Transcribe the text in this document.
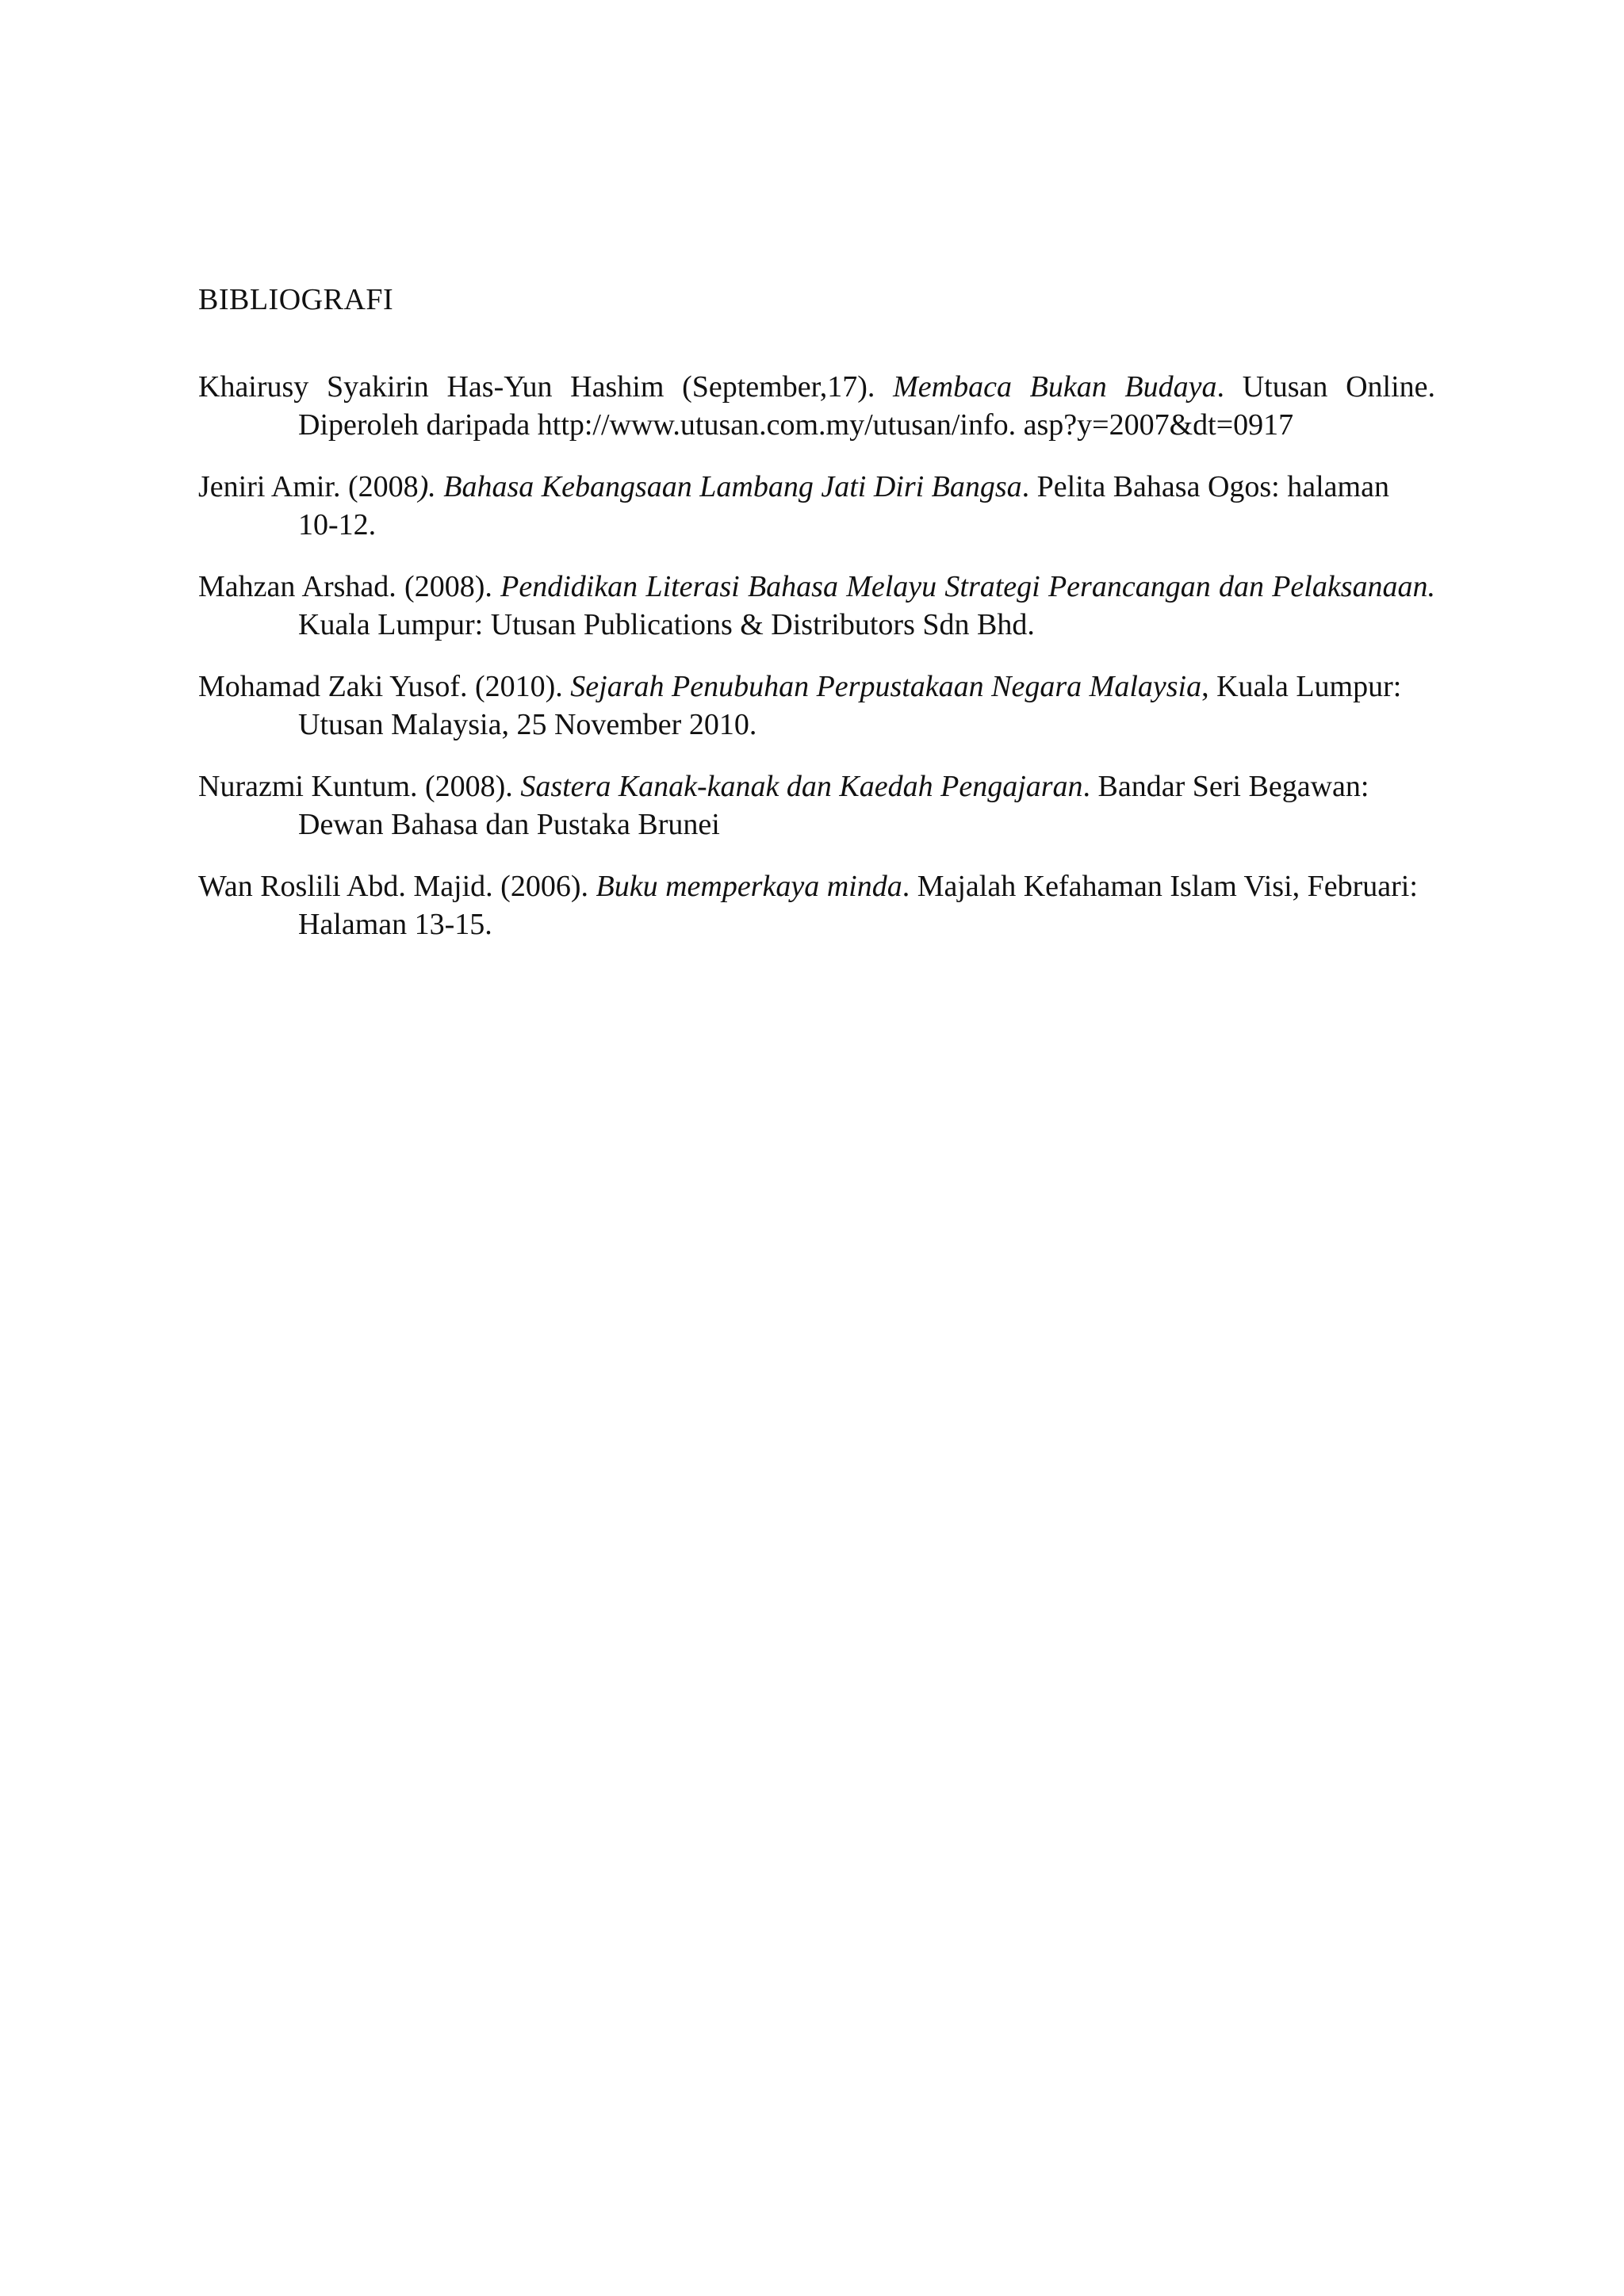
BIBLIOGRAFI

Khairusy Syakirin Has-Yun Hashim (September,17). Membaca Bukan Budaya. Utusan Online. Diperoleh daripada http://www.utusan.com.my/utusan/info. asp?y=2007&dt=0917

Jeniri Amir. (2008). Bahasa Kebangsaan Lambang Jati Diri Bangsa. Pelita Bahasa Ogos: halaman 10-12.

Mahzan Arshad. (2008). Pendidikan Literasi Bahasa Melayu Strategi Perancangan dan Pelaksanaan. Kuala Lumpur: Utusan Publications & Distributors Sdn Bhd.

Mohamad Zaki Yusof. (2010). Sejarah Penubuhan Perpustakaan Negara Malaysia, Kuala Lumpur: Utusan Malaysia, 25 November 2010.

Nurazmi Kuntum. (2008). Sastera Kanak-kanak dan Kaedah Pengajaran. Bandar Seri Begawan: Dewan Bahasa dan Pustaka Brunei

Wan Roslili Abd. Majid. (2006). Buku memperkaya minda. Majalah Kefahaman Islam Visi, Februari: Halaman 13-15.
